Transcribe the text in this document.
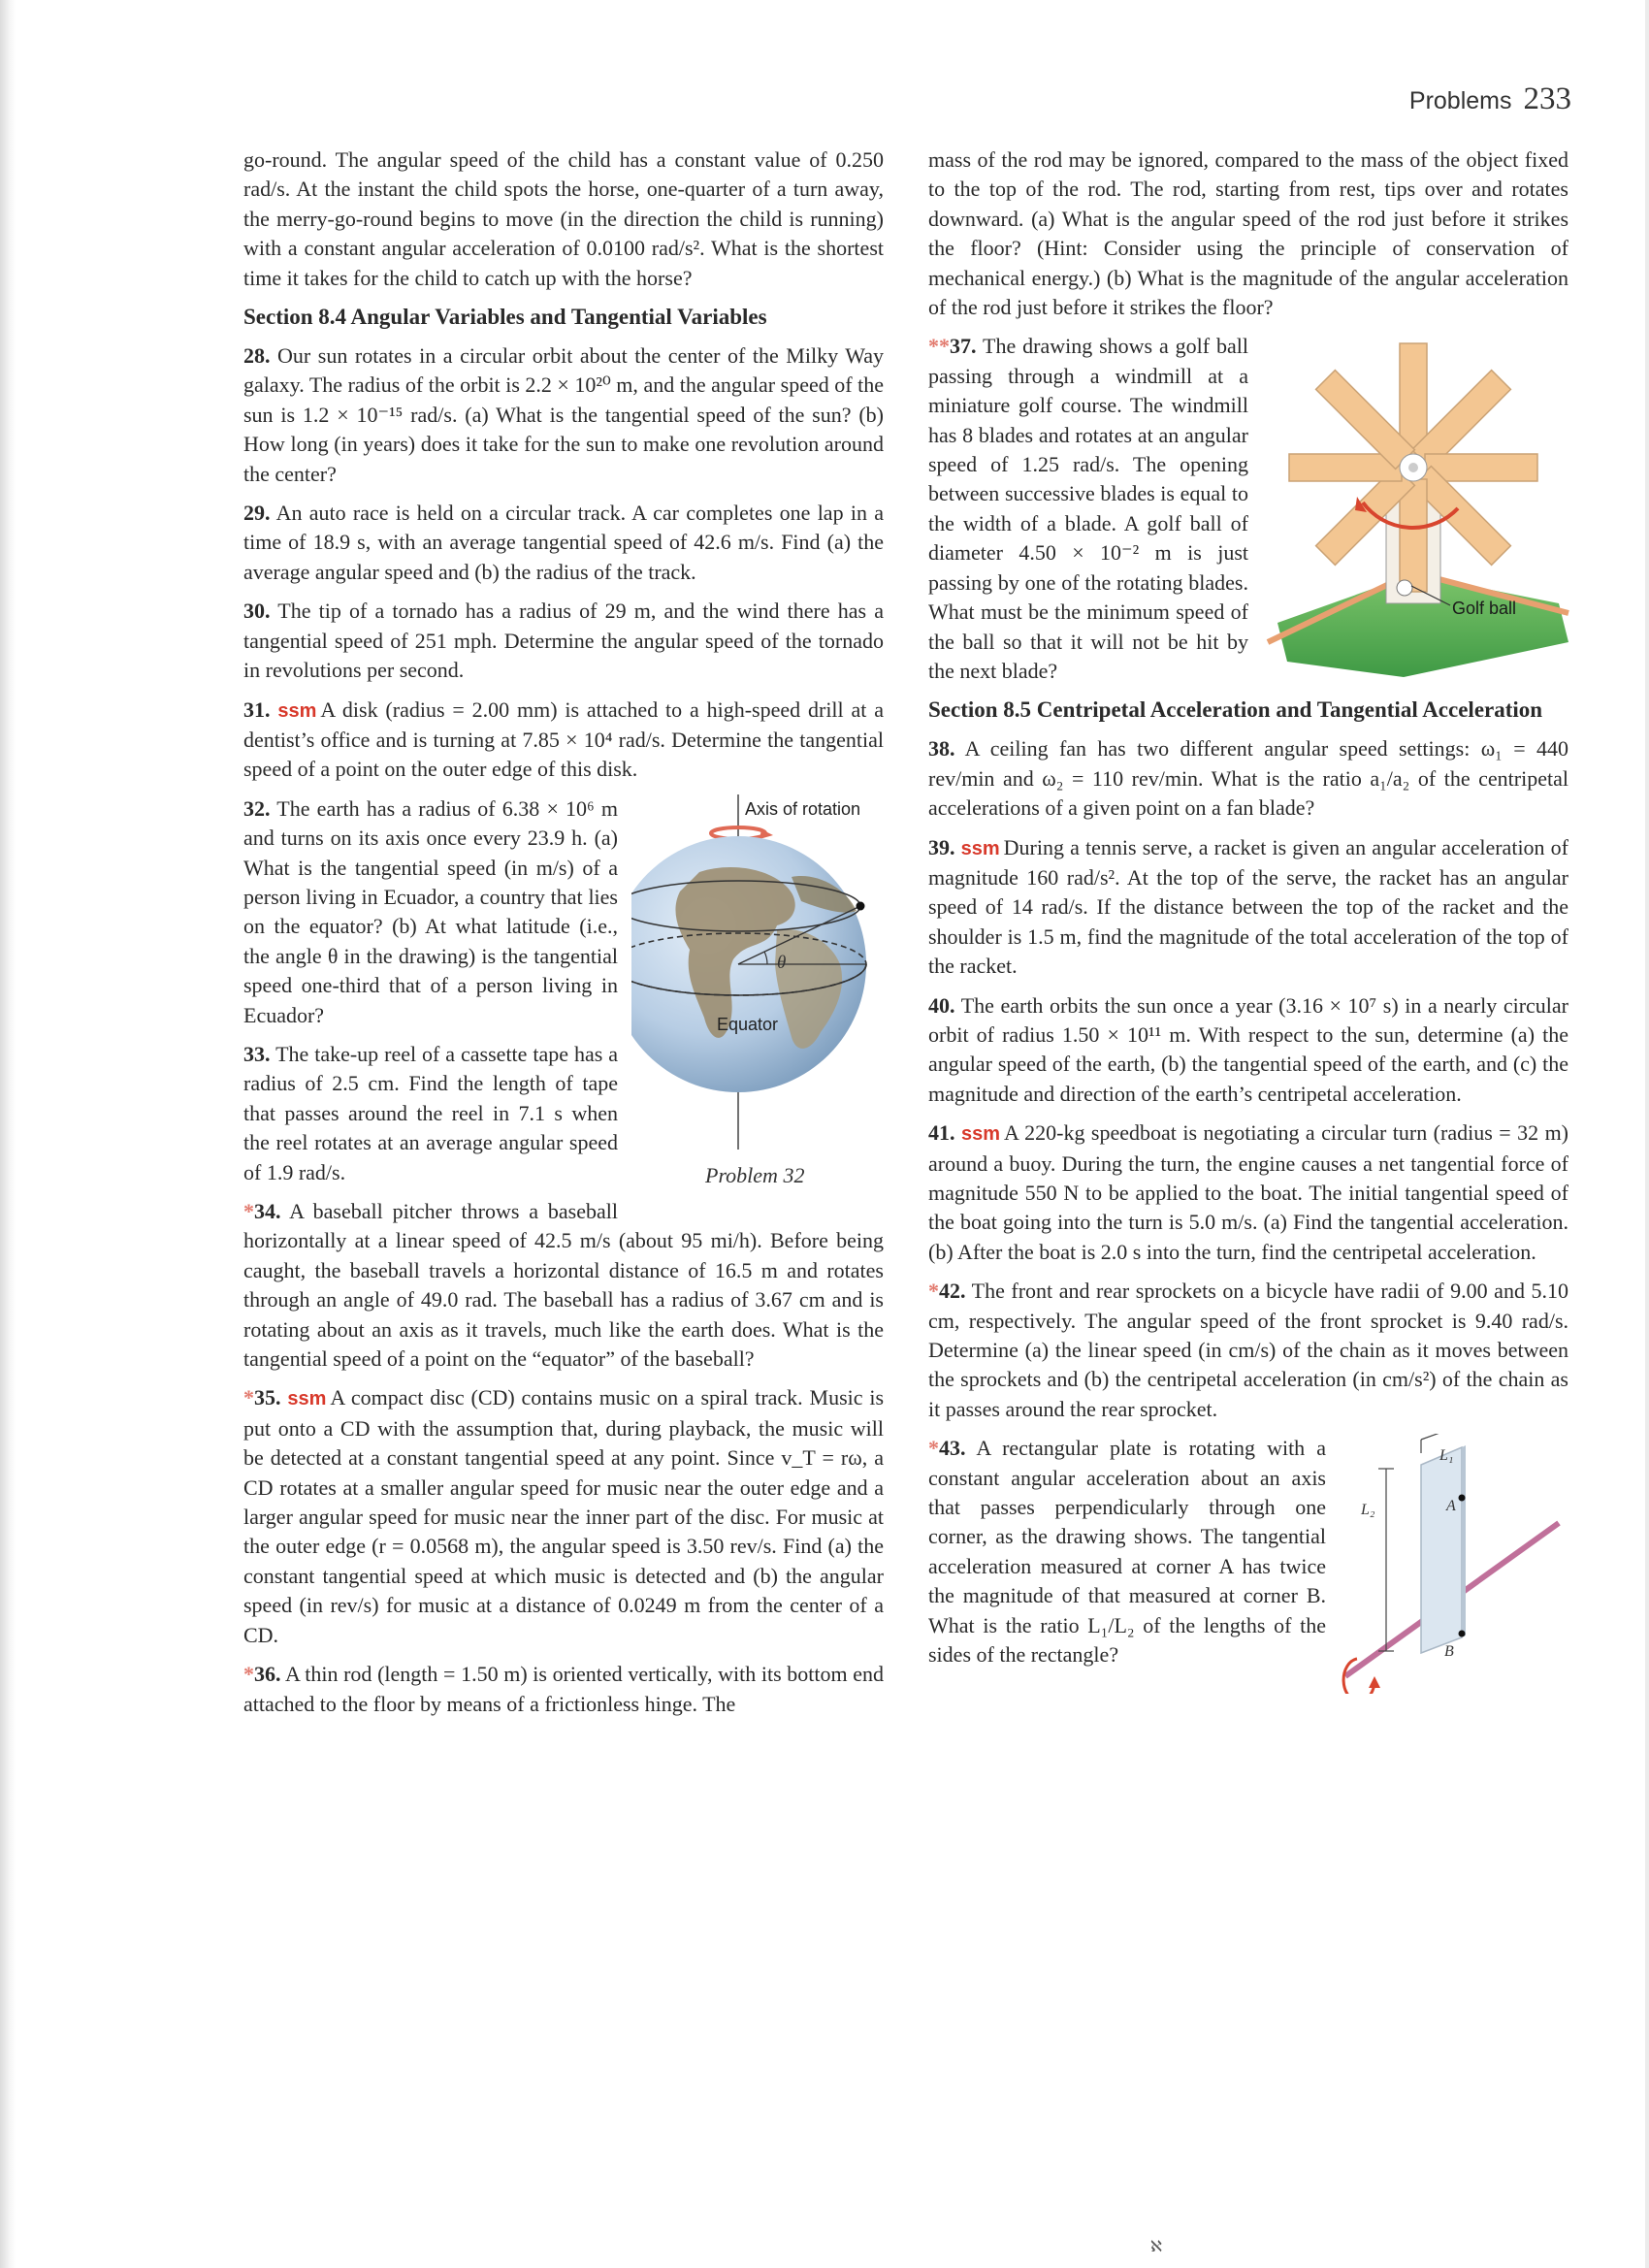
Problems 233

go-round. The angular speed of the child has a constant value of 0.250 rad/s. At the instant the child spots the horse, one-quarter of a turn away, the merry-go-round begins to move (in the direction the child is running) with a constant angular acceleration of 0.0100 rad/s². What is the shortest time it takes for the child to catch up with the horse?

Section 8.4 Angular Variables and Tangential Variables

28. Our sun rotates in a circular orbit about the center of the Milky Way galaxy. The radius of the orbit is 2.2 × 10²⁰ m, and the angular speed of the sun is 1.2 × 10⁻¹⁵ rad/s. (a) What is the tangential speed of the sun? (b) How long (in years) does it take for the sun to make one revolution around the center?

29. An auto race is held on a circular track. A car completes one lap in a time of 18.9 s, with an average tangential speed of 42.6 m/s. Find (a) the average angular speed and (b) the radius of the track.

30. The tip of a tornado has a radius of 29 m, and the wind there has a tangential speed of 251 mph. Determine the angular speed of the tornado in revolutions per second.

31. ssm A disk (radius = 2.00 mm) is attached to a high-speed drill at a dentist’s office and is turning at 7.85 × 10⁴ rad/s. Determine the tangential speed of a point on the outer edge of this disk.

Axis of rotation
θ
Equator
Problem 32

32. The earth has a radius of 6.38 × 10⁶ m and turns on its axis once every 23.9 h. (a) What is the tangential speed (in m/s) of a person living in Ecuador, a country that lies on the equator? (b) At what latitude (i.e., the angle θ in the drawing) is the tangential speed one-third that of a person living in Ecuador?

33. The take-up reel of a cassette tape has a radius of 2.5 cm. Find the length of tape that passes around the reel in 7.1 s when the reel rotates at an average angular speed of 1.9 rad/s.

*34. A baseball pitcher throws a baseball horizontally at a linear speed of 42.5 m/s (about 95 mi/h). Before being caught, the baseball travels a horizontal distance of 16.5 m and rotates through an angle of 49.0 rad. The baseball has a radius of 3.67 cm and is rotating about an axis as it travels, much like the earth does. What is the tangential speed of a point on the “equator” of the baseball?

*35. ssm A compact disc (CD) contains music on a spiral track. Music is put onto a CD with the assumption that, during playback, the music will be detected at a constant tangential speed at any point. Since v_T = rω, a CD rotates at a smaller angular speed for music near the outer edge and a larger angular speed for music near the inner part of the disc. For music at the outer edge (r = 0.0568 m), the angular speed is 3.50 rev/s. Find (a) the constant tangential speed at which music is detected and (b) the angular speed (in rev/s) for music at a distance of 0.0249 m from the center of a CD.

*36. A thin rod (length = 1.50 m) is oriented vertically, with its bottom end attached to the floor by means of a frictionless hinge. The

mass of the rod may be ignored, compared to the mass of the object fixed to the top of the rod. The rod, starting from rest, tips over and rotates downward. (a) What is the angular speed of the rod just before it strikes the floor? (Hint: Consider using the principle of conservation of mechanical energy.) (b) What is the magnitude of the angular acceleration of the rod just before it strikes the floor?

Golf ball

**37. The drawing shows a golf ball passing through a windmill at a miniature golf course. The windmill has 8 blades and rotates at an angular speed of 1.25 rad/s. The opening between successive blades is equal to the width of a blade. A golf ball of diameter 4.50 × 10⁻² m is just passing by one of the rotating blades. What must be the minimum speed of the ball so that it will not be hit by the next blade?

Section 8.5 Centripetal Acceleration and Tangential Acceleration

38. A ceiling fan has two different angular speed settings: ω₁ = 440 rev/min and ω₂ = 110 rev/min. What is the ratio a₁/a₂ of the centripetal accelerations of a given point on a fan blade?

39. ssm During a tennis serve, a racket is given an angular acceleration of magnitude 160 rad/s². At the top of the serve, the racket has an angular speed of 14 rad/s. If the distance between the top of the racket and the shoulder is 1.5 m, find the magnitude of the total acceleration of the top of the racket.

40. The earth orbits the sun once a year (3.16 × 10⁷ s) in a nearly circular orbit of radius 1.50 × 10¹¹ m. With respect to the sun, determine (a) the angular speed of the earth, (b) the tangential speed of the earth, and (c) the magnitude and direction of the earth’s centripetal acceleration.

41. ssm A 220-kg speedboat is negotiating a circular turn (radius = 32 m) around a buoy. During the turn, the engine causes a net tangential force of magnitude 550 N to be applied to the boat. The initial tangential speed of the boat going into the turn is 5.0 m/s. (a) Find the tangential acceleration. (b) After the boat is 2.0 s into the turn, find the centripetal acceleration.

*42. The front and rear sprockets on a bicycle have radii of 9.00 and 5.10 cm, respectively. The angular speed of the front sprocket is 9.40 rad/s. Determine (a) the linear speed (in cm/s) of the chain as it moves between the sprockets and (b) the centripetal acceleration (in cm/s²) of the chain as it passes around the rear sprocket.

L₁
L₂	A
B

*43. A rectangular plate is rotating with a constant angular acceleration about an axis that passes perpendicularly through one corner, as the drawing shows. The tangential acceleration measured at corner A has twice the magnitude of that measured at corner B. What is the ratio L₁/L₂ of the lengths of the sides of the rectangle?

ℵ
